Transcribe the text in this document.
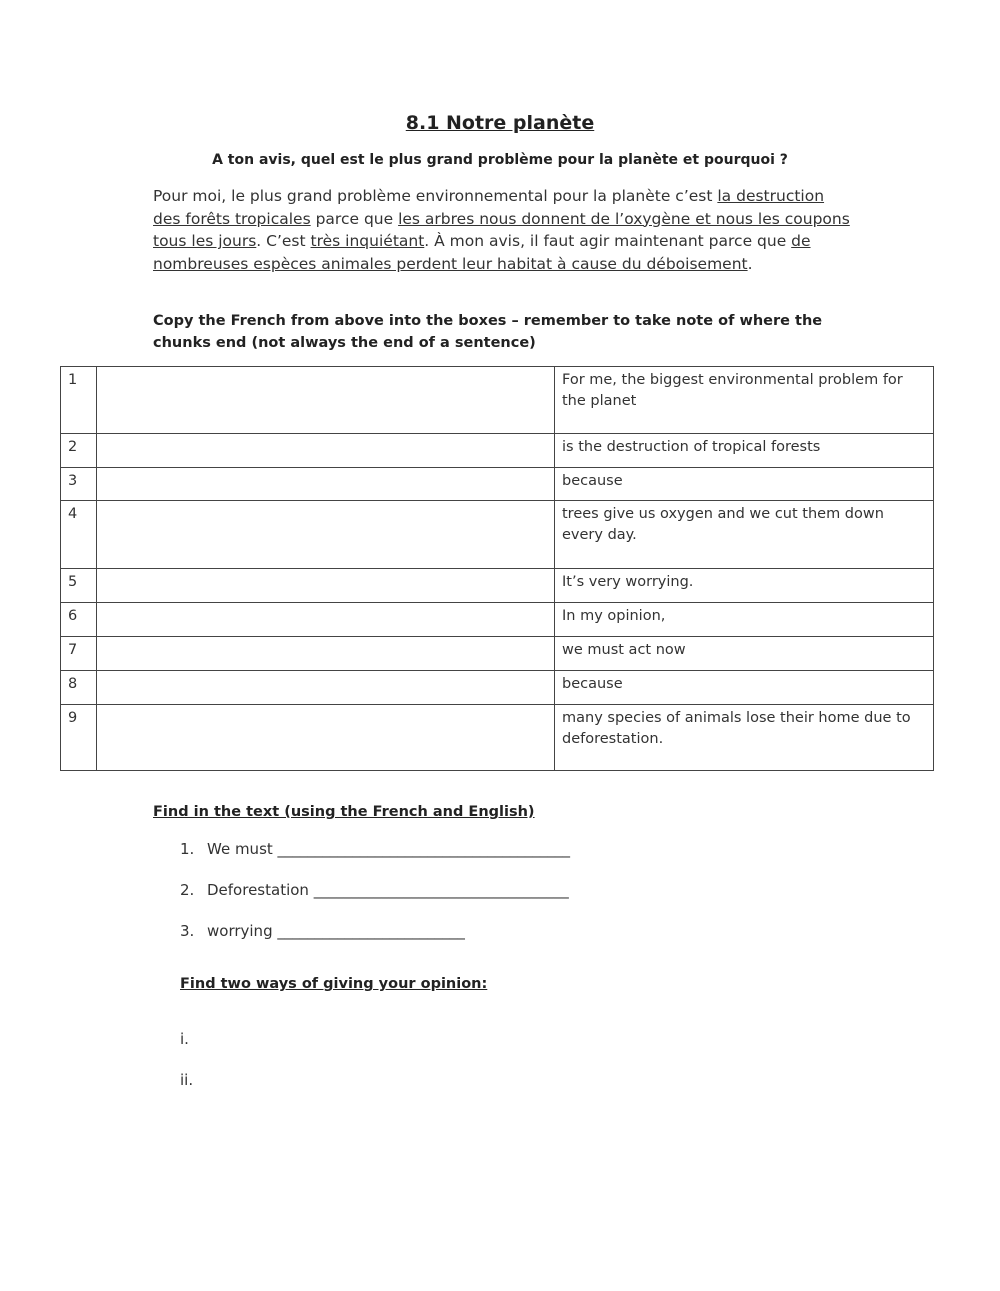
8.1 Notre planète

A ton avis, quel est le plus grand problème pour la planète et pourquoi ?

Pour moi, le plus grand problème environnemental pour la planète c’est la destruction des forêts tropicales parce que les arbres nous donnent de l’oxygène et nous les coupons tous les jours. C’est très inquiétant. À mon avis, il faut agir maintenant parce que de nombreuses espèces animales perdent leur habitat à cause du déboisement.

Copy the French from above into the boxes – remember to take note of where the chunks end (not always the end of a sentence)

1		For me, the biggest environmental problem for the planet
2		is the destruction of tropical forests
3		because
4		trees give us oxygen and we cut them down every day.
5		It’s very worrying.
6		In my opinion,
7		we must act now
8		because
9		many species of animals lose their home due to deforestation.

Find in the text (using the French and English)

1. We must _______________________________________

2. Deforestation __________________________________

3. worrying _________________________

Find two ways of giving your opinion:

i.

ii.
